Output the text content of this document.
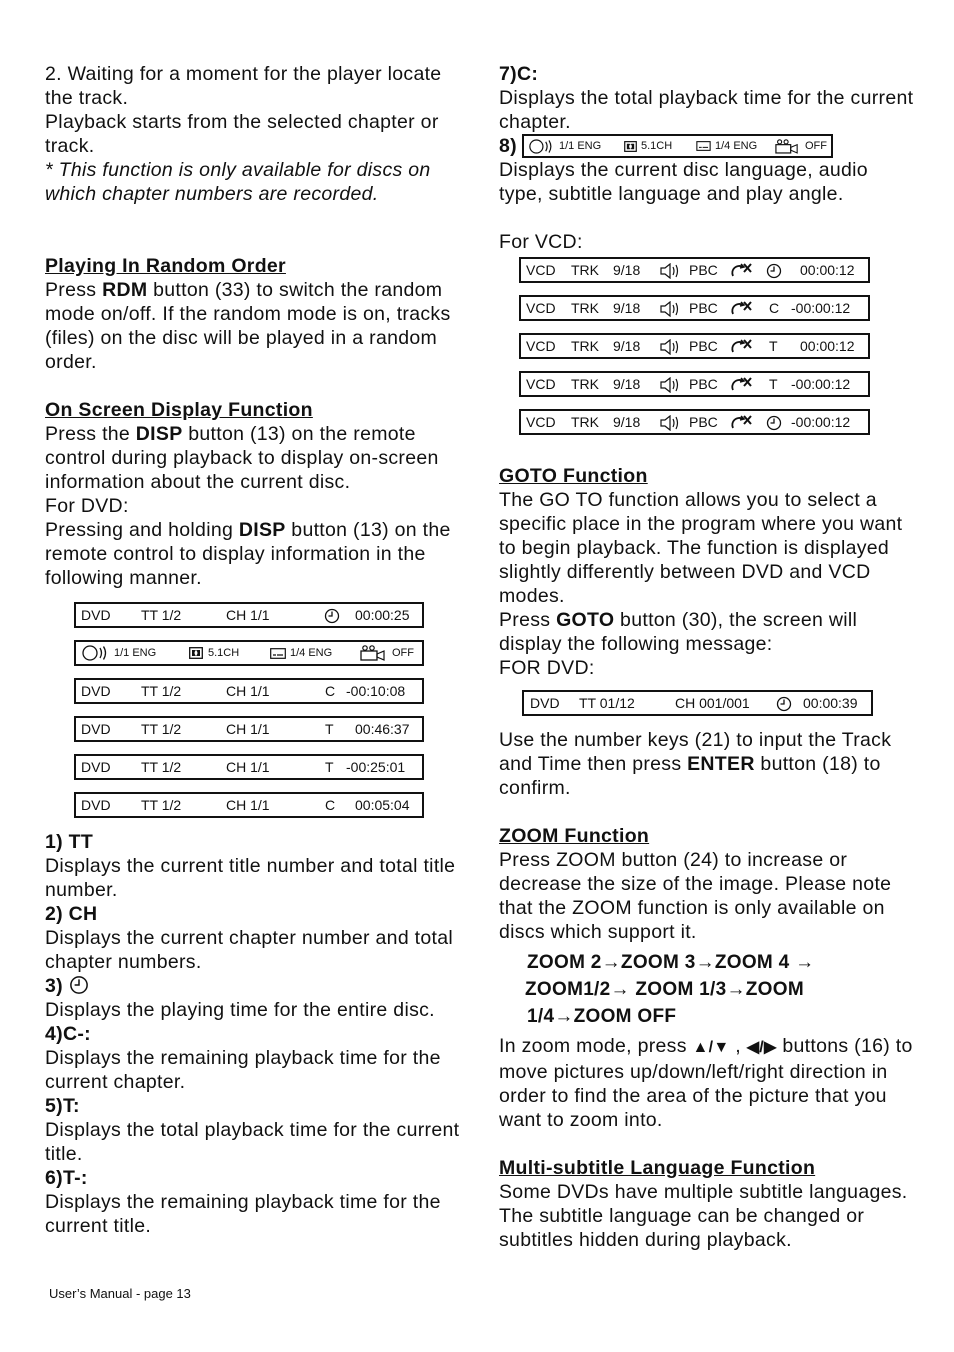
2. Waiting for a moment for the player locate the track.

Playback starts from the selected chapter or track.

* This function is only available for discs on which chapter numbers are recorded.

Playing In Random Order

Press RDM button (33) to switch the random mode on/off. If the random mode is on, tracks (files) on the disc will be played in a random order.

On Screen Display Function

Press the DISP button (13) on the remote control during playback to display on-screen information about the current disc.

For DVD:

Pressing and holding DISP button (13) on the remote control to display information in the following manner.

DVD TT 1/2	CH 1/1	00:00:25
1/1 ENG	5.1CH	1/4 ENG	OFF
DVD TT 1/2	CH 1/1	C -00:10:08
DVD TT 1/2	CH 1/1	T 00:46:37
DVD TT 1/2	CH 1/1	T -00:25:01
DVD TT 1/2	CH 1/1	C 00:05:04

1) TT

Displays the current title number and total title number.

2) CH

Displays the current chapter number and total chapter numbers.

3)

Displays the playing time for the entire disc.

4)C-:

Displays the remaining playback time for the current chapter.

5)T:

Displays the total playback time for the current title.

6)T-:

Displays the remaining playback time for the current title.

7)C:

Displays the total playback time for the current chapter.

8)	1/1 ENG	5.1CH	1/4 ENG	OFF

Displays the current disc language, audio type, subtitle language and play angle.

For VCD:

VCD TRK 9/18	PBC	00:00:12
VCD TRK 9/18	PBC	C -00:00:12
VCD TRK 9/18	PBC	T 00:00:12
VCD TRK 9/18	PBC	T -00:00:12
VCD TRK 9/18	PBC	-00:00:12

GOTO Function

The GO TO function allows you to select a specific place in the program where you want to begin playback. The function is displayed slightly differently between DVD and VCD modes.

Press GOTO button (30), the screen will display the following message:

FOR DVD:

DVD TT 01/12	CH 001/001	00:00:39

Use the number keys (21) to input the Track and Time then press ENTER button (18) to confirm.

ZOOM Function

Press ZOOM button (24) to increase or decrease the size of the image. Please note that the ZOOM function is only available on discs which support it.

ZOOM 2→ZOOM 3→ZOOM 4 →
ZOOM1/2→ ZOOM 1/3→ZOOM
1/4→ZOOM OFF

In zoom mode, press ▲/▼ , ◀/▶ buttons (16) to move pictures up/down/left/right direction in order to find the area of the picture that you want to zoom into.

Multi-subtitle Language Function

Some DVDs have multiple subtitle languages. The subtitle language can be changed or subtitles hidden during playback.

User’s Manual - page 13
